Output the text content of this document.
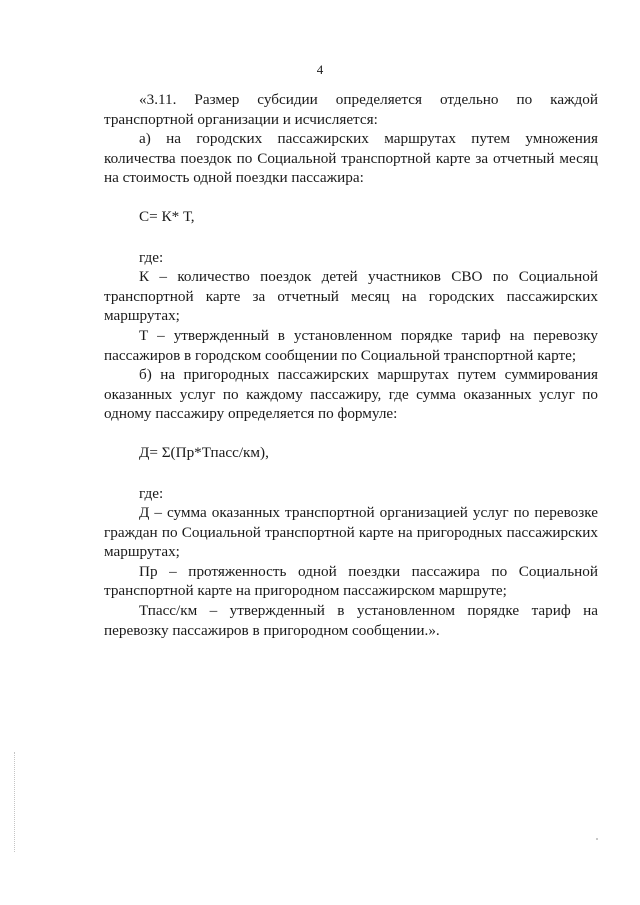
4

«3.11. Размер субсидии определяется отдельно по каждой транспортной организации и исчисляется:

а) на городских пассажирских маршрутах путем умножения количества поездок по Социальной транспортной карте за отчетный месяц на стоимость одной поездки пассажира:

С= К* Т,

где:

К – количество поездок детей участников СВО по Социальной транспортной карте за отчетный месяц на городских пассажирских маршрутах;

Т – утвержденный в установленном порядке тариф на перевозку пассажиров в городском сообщении по Социальной транспортной карте;

б) на пригородных пассажирских маршрутах путем суммирования оказанных услуг по каждому пассажиру, где сумма оказанных услуг по одному пассажиру определяется по формуле:

Д= Σ(Пр*Тпасс/км),

где:

Д – сумма оказанных транспортной организацией услуг по перевозке граждан по Социальной транспортной карте на пригородных пассажирских маршрутах;

Пр – протяженность одной поездки пассажира по Социальной транспортной карте на пригородном пассажирском маршруте;

Тпасс/км – утвержденный в установленном порядке тариф на перевозку пассажиров в пригородном сообщении.».
